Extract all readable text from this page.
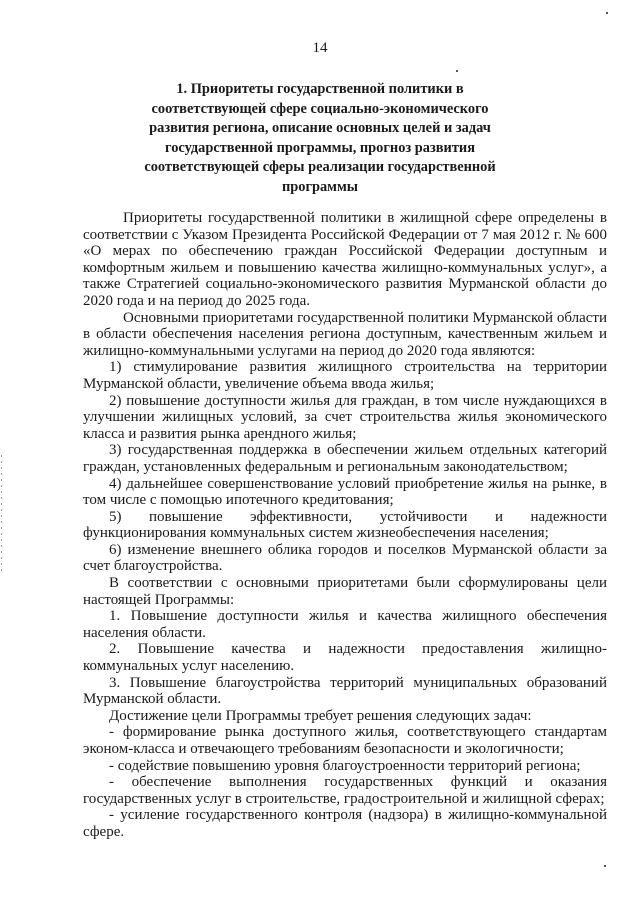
14
1. Приоритеты государственной политики в соответствующей сфере социально-экономического развития региона, описание основных целей и задач государственной программы, прогноз развития соответствующей сферы реализации государственной программы

Приоритеты государственной политики в жилищной сфере определены в соответствии с Указом Президента Российской Федерации от 7 мая 2012 г. № 600 «О мерах по обеспечению граждан Российской Федерации доступным и комфортным жильем и повышению качества жилищно-коммунальных услуг», а также Стратегией социально-экономического развития Мурманской области до 2020 года и на период до 2025 года.

Основными приоритетами государственной политики Мурманской области в области обеспечения населения региона доступным, качественным жильем и жилищно-коммунальными услугами на период до 2020 года являются:

1) стимулирование развития жилищного строительства на территории Мурманской области, увеличение объема ввода жилья;

2) повышение доступности жилья для граждан, в том числе нуждающихся в улучшении жилищных условий, за счет строительства жилья экономического класса и развития рынка арендного жилья;

3) государственная поддержка в обеспечении жильем отдельных категорий граждан, установленных федеральным и региональным законодательством;

4) дальнейшее совершенствование условий приобретение жилья на рынке, в том числе с помощью ипотечного кредитования;

5) повышение эффективности, устойчивости и надежности функционирования коммунальных систем жизнеобеспечения населения;

6) изменение внешнего облика городов и поселков Мурманской области за счет благоустройства.

В соответствии с основными приоритетами были сформулированы цели настоящей Программы:

1. Повышение доступности жилья и качества жилищного обеспечения населения области.

2. Повышение качества и надежности предоставления жилищно-коммунальных услуг населению.

3. Повышение благоустройства территорий муниципальных образований Мурманской области.

Достижение цели Программы требует решения следующих задач:

- формирование рынка доступного жилья, соответствующего стандартам эконом-класса и отвечающего требованиям безопасности и экологичности;

- содействие повышению уровня благоустроенности территорий региона;

- обеспечение выполнения государственных функций и оказания государственных услуг в строительстве, градостроительной и жилищной сферах;

- усиление государственного контроля (надзора) в жилищно-коммунальной сфере.
